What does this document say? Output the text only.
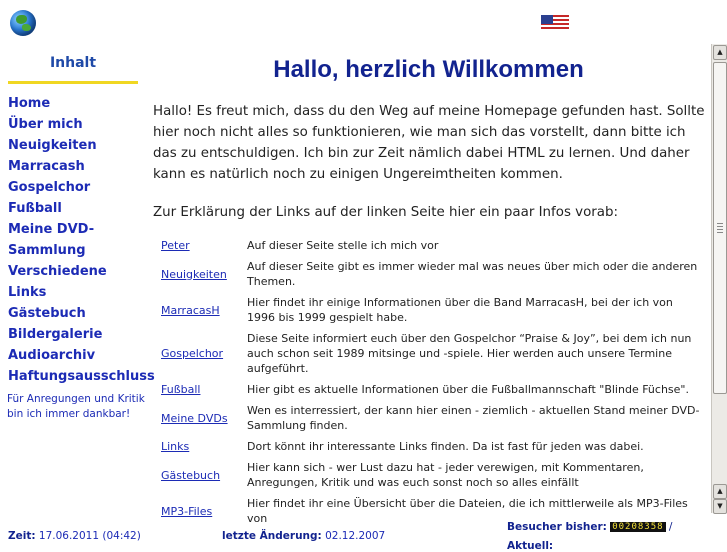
Inhalt
Home
Über mich
Neuigkeiten
Marracash
Gospelchor
Fußball
Meine DVD-
Sammlung
Verschiedene Links
Gästebuch
Bildergalerie
Audioarchiv
Haftungsausschluss
Für Anregungen und Kritik bin ich immer dankbar!
Hallo, herzlich Willkommen

Hallo! Es freut mich, dass du den Weg auf meine Homepage gefunden hast. Sollte hier noch nicht alles so funktionieren, wie man sich das vorstellt, dann bitte ich das zu entschuldigen. Ich bin zur Zeit nämlich dabei HTML zu lernen. Und daher kann es natürlich noch zu einigen Ungereimtheiten kommen.

Zur Erklärung der Links auf der linken Seite hier ein paar Infos vorab:

Peter	Auf dieser Seite stelle ich mich vor
Neuigkeiten	Auf dieser Seite gibt es immer wieder mal was neues über mich oder die anderen Themen.
MarracasH	Hier findet ihr einige Informationen über die Band MarracasH, bei der ich von 1996 bis 1999 gespielt habe.
Gospelchor	Diese Seite informiert euch über den Gospelchor “Praise & Joy”, bei dem ich nun auch schon seit 1989 mitsinge und -spiele. Hier werden auch unsere Termine aufgeführt.
Fußball	Hier gibt es aktuelle Informationen über die Fußballmannschaft "Blinde Füchse".
Meine DVDs	Wen es interressiert, der kann hier einen - ziemlich - aktuellen Stand meiner DVD-Sammlung finden.
Links	Dort könnt ihr interessante Links finden. Da ist fast für jeden was dabei.
Gästebuch	Hier kann sich - wer Lust dazu hat - jeder verewigen, mit Kommentaren, Anregungen, Kritik und was euch sonst noch so alles einfällt
MP3-Files	Hier findet ihr eine Übersicht über die Dateien, die ich mittlerweile als MP3-Files von
▲
▲
▼
Zeit: 17.06.2011 (04:42)	letzte Änderung: 02.12.2007
Besucher bisher: 00208358 /
Aktuell:
